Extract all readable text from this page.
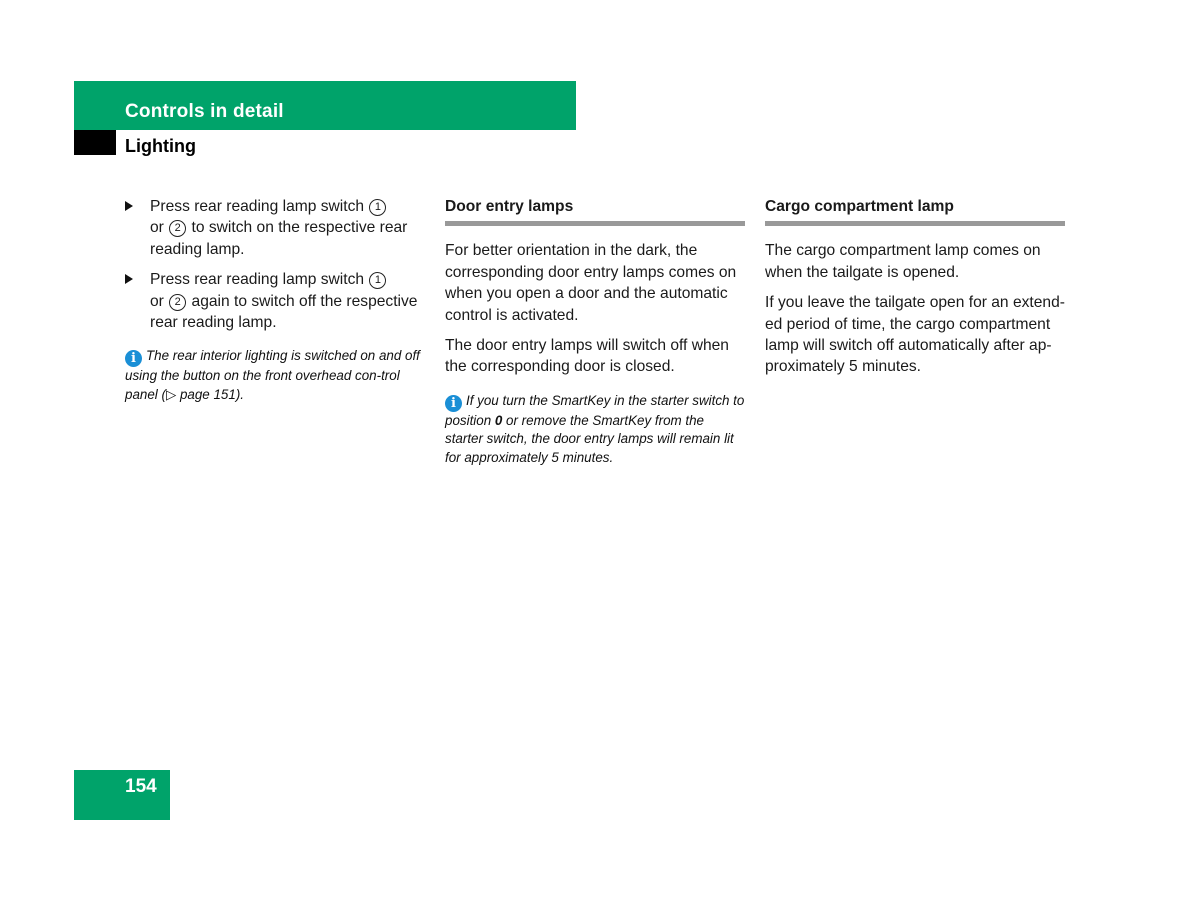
Controls in detail
Lighting
Press rear reading lamp switch 1
or 2 to switch on the respective rear reading lamp.
Press rear reading lamp switch 1
or 2 again to switch off the respective rear reading lamp.
i The rear interior lighting is switched on and off using the button on the front overhead con-trol panel (▷ page 151).
Door entry lamps

For better orientation in the dark, the corresponding door entry lamps comes on when you open a door and the automatic control is activated.

The door entry lamps will switch off when the corresponding door is closed.

i If you turn the SmartKey in the starter switch to position 0 or remove the SmartKey from the starter switch, the door entry lamps will remain lit for approximately 5 minutes.
Cargo compartment lamp

The cargo compartment lamp comes on when the tailgate is opened.

If you leave the tailgate open for an extend-ed period of time, the cargo compartment lamp will switch off automatically after ap-proximately 5 minutes.

154
